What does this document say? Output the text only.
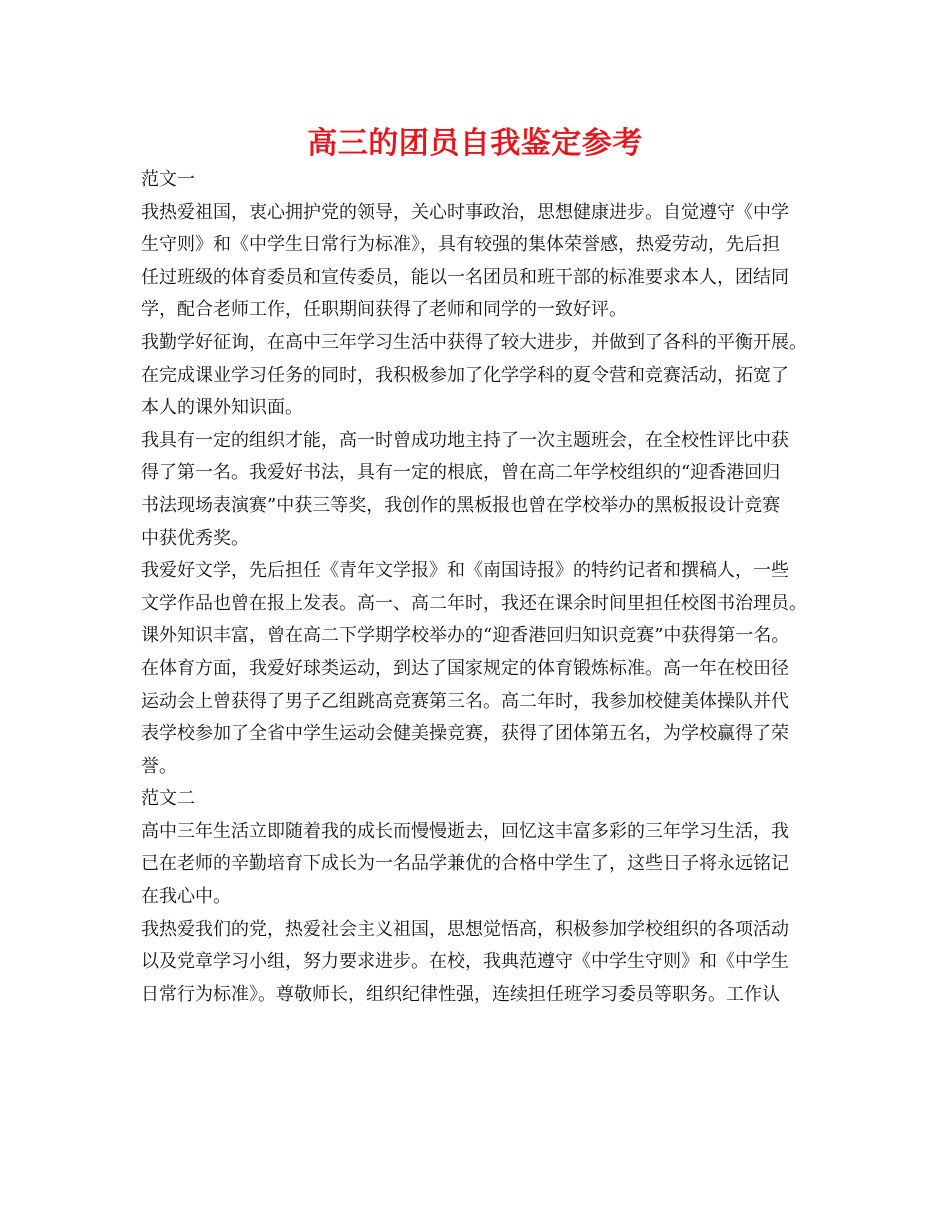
高三的团员自我鉴定参考
范文一
我热爱祖国，衷心拥护党的领导，关心时事政治，思想健康进步。自觉遵守《中学
生守则》和《中学生日常行为标准》，具有较强的集体荣誉感，热爱劳动，先后担
任过班级的体育委员和宣传委员，能以一名团员和班干部的标准要求本人，团结同
学，配合老师工作，任职期间获得了老师和同学的一致好评。
我勤学好征询，在高中三年学习生活中获得了较大进步，并做到了各科的平衡开展。
在完成课业学习任务的同时，我积极参加了化学学科的夏令营和竞赛活动，拓宽了
本人的课外知识面。
我具有一定的组织才能，高一时曾成功地主持了一次主题班会，在全校性评比中获
得了第一名。我爱好书法，具有一定的根底，曾在高二年学校组织的“迎香港回归
书法现场表演赛”中获三等奖，我创作的黑板报也曾在学校举办的黑板报设计竞赛
中获优秀奖。
我爱好文学，先后担任《青年文学报》和《南国诗报》的特约记者和撰稿人，一些
文学作品也曾在报上发表。高一、高二年时，我还在课余时间里担任校图书治理员。
课外知识丰富，曾在高二下学期学校举办的“迎香港回归知识竞赛”中获得第一名。
在体育方面，我爱好球类运动，到达了国家规定的体育锻炼标准。高一年在校田径
运动会上曾获得了男子乙组跳高竞赛第三名。高二年时，我参加校健美体操队并代
表学校参加了全省中学生运动会健美操竞赛，获得了团体第五名，为学校赢得了荣
誉。
范文二
高中三年生活立即随着我的成长而慢慢逝去，回忆这丰富多彩的三年学习生活，我
已在老师的辛勤培育下成长为一名品学兼优的合格中学生了，这些日子将永远铭记
在我心中。
我热爱我们的党，热爱社会主义祖国，思想觉悟高，积极参加学校组织的各项活动
以及党章学习小组，努力要求进步。在校，我典范遵守《中学生守则》和《中学生
日常行为标准》。尊敬师长，组织纪律性强，连续担任班学习委员等职务。工作认
